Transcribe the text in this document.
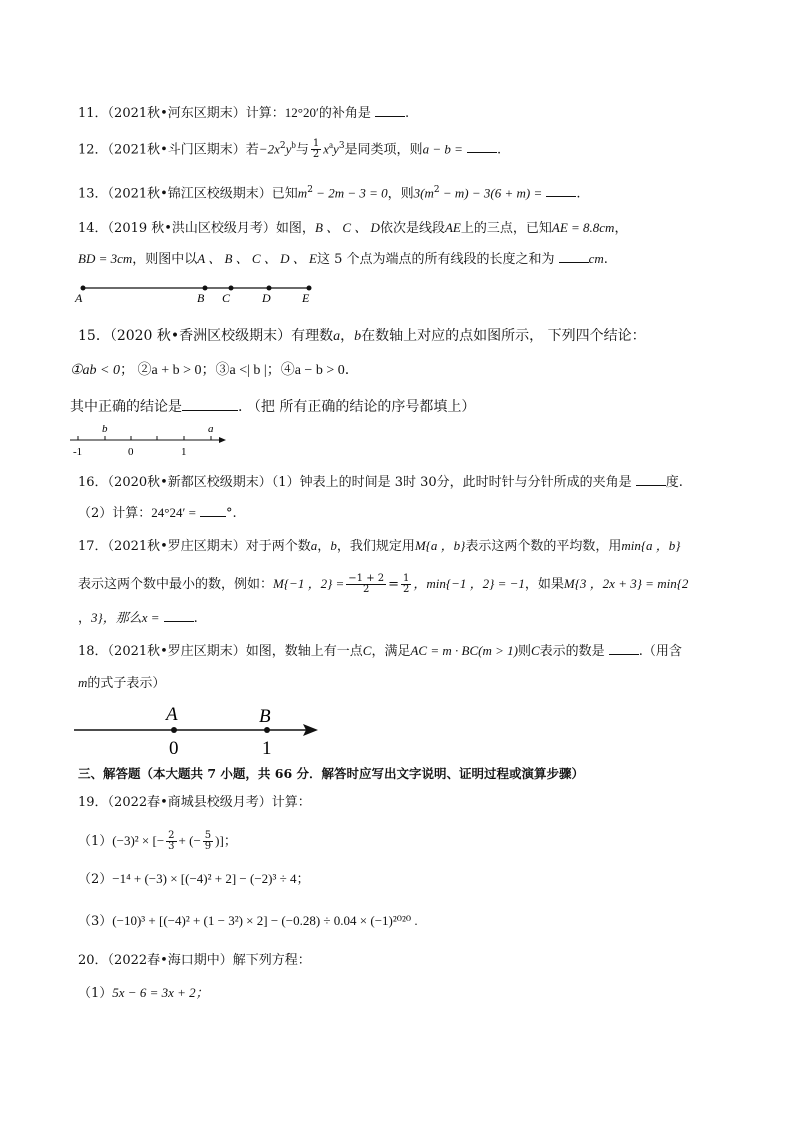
11．（2021秋•河东区期末）计算：12°20′的补角是	.
12．（2021秋•斗门区期末）若$-2x^2y^b$与 $\frac{1}{2} x^ay^3$是同类项，则a − b =	.
13．（2021秋•锦江区校级期末）已知$m^2 - 2m - 3 = 0$，则$3(m^2 - m) - 3(6 + m)$ =	.
14．（2019 秋•洪山区校级月考）如图，B 、 C 、 D依次是线段AE上的三点，已知AE = 8.8cm，
BD = 3cm，则图中以A 、 B 、 C 、 D 、 E这 5 个点为端点的所有线段的长度之和为	cm.
A	B C	D	E
15．（2020 秋•香洲区校级期末）有理数a，b在数轴上对应的点如图所示， 下列四个结论：
①ab < 0； ②a + b > 0；③a <| b |；④a − b > 0.
其中正确的结论是	. （把 所有正确的结论的序号都填上）
b	a
-1	0	1
16．（2020秋•新都区校级期末）（1）钟表上的时间是 3时 30分，此时时针与分针所成的夹角是	度.
（2）计算：24°24′ = °.
17．（2021秋•罗庄区期末）对于两个数a，b，我们规定用M{a ，b}表示这两个数的平均数，用min{a ，b}
表示这两个数中最小的数，例如：M{−1 ，$2\} = \frac{-1 + 2}{2} = \frac{1}{2}$ ，min{−1 ，2} = −1，如果M{3 ，2x + 3} = min{2
，3}，那么x =	.
18．（2021秋•罗庄区期末）如图，数轴上有一点C，满足AC = m · BC(m > 1)则C表示的数是	.（用含
m的式子表示）
A	B
0	1
三、解答题（本大题共 7 小题，共 66 分．解答时应写出文字说明、证明过程或演算步骤）
19．（2022春•商城县校级月考）计算：
（1）(−3)² × [− $\frac{2}{3}$ + (− $\frac{5}{9}$ )]；
（2）−1⁴ + (−3) × [(−4)² + 2] − (−2)³ ÷ 4；
（3）(−10)³ + [(−4)² + (1 − 3²) × 2] − (−0.28) ÷ 0.04 × (−1)²⁰²⁰ .
20．（2022春•海口期中）解下列方程：
（1）5x − 6 = 3x + 2；
